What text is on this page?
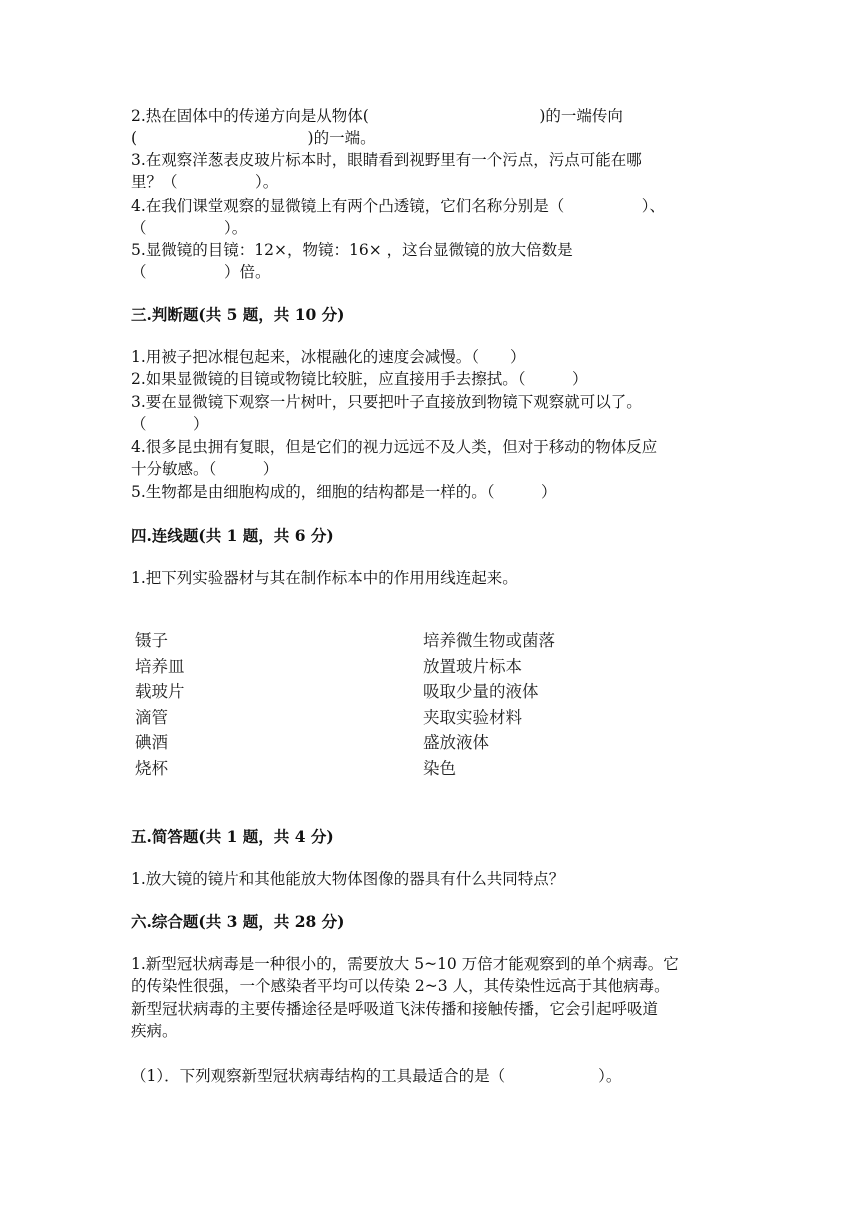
2.热在固体中的传递方向是从物体(　　　　　　　　　　　)的一端传向
(　　　　　　　　　　　)的一端。
3.在观察洋葱表皮玻片标本时，眼睛看到视野里有一个污点，污点可能在哪
里？（　　　　　）。
4.在我们课堂观察的显微镜上有两个凸透镜，它们名称分别是（　　　　　）、
（　　　　　）。
5.显微镜的目镜：12×，物镜：16× ，这台显微镜的放大倍数是
（　　　　　）倍。
三.判断题(共 5 题，共 10 分)
1.用被子把冰棍包起来，冰棍融化的速度会减慢。（　　）
2.如果显微镜的目镜或物镜比较脏，应直接用手去擦拭。（　　　）
3.要在显微镜下观察一片树叶，只要把叶子直接放到物镜下观察就可以了。
（　　　）
4.很多昆虫拥有复眼，但是它们的视力远远不及人类，但对于移动的物体反应
十分敏感。（　　　）
5.生物都是由细胞构成的，细胞的结构都是一样的。（　　　）
四.连线题(共 1 题，共 6 分)
1.把下列实验器材与其在制作标本中的作用用线连起来。
镊子
培养皿
载玻片
滴管
碘酒
烧杯
培养微生物或菌落
放置玻片标本
吸取少量的液体
夹取实验材料
盛放液体
染色
五.简答题(共 1 题，共 4 分)
1.放大镜的镜片和其他能放大物体图像的器具有什么共同特点？
六.综合题(共 3 题，共 28 分)
1.新型冠状病毒是一种很小的，需要放大 5~10 万倍才能观察到的单个病毒。它
的传染性很强，一个感染者平均可以传染 2~3 人，其传染性远高于其他病毒。
新型冠状病毒的主要传播途径是呼吸道飞沫传播和接触传播，它会引起呼吸道
疾病。
（1）．下列观察新型冠状病毒结构的工具最适合的是（　　　　　　）。
